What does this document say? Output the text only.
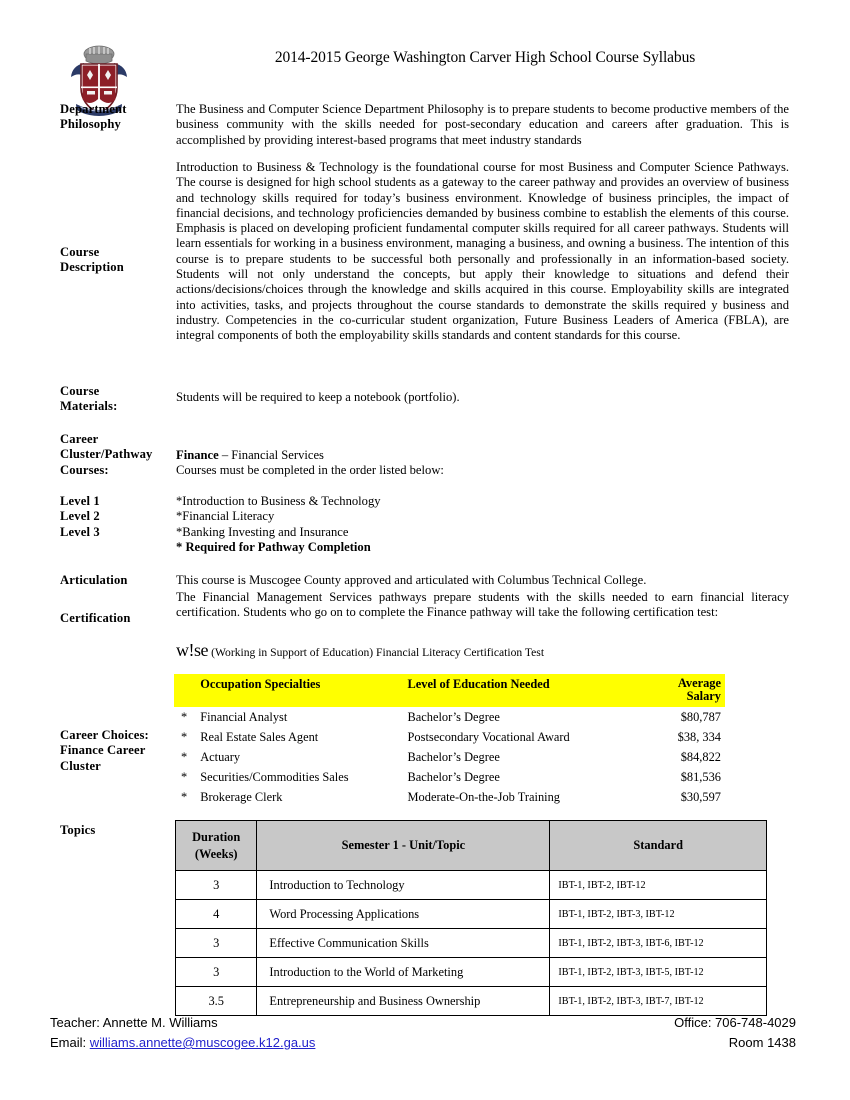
2014-2015 George Washington Carver High School Course Syllabus
Department
Philosophy
The Business and Computer Science Department Philosophy is to prepare students to become productive members of the business community with the skills needed for post-secondary education and careers after graduation. This is accomplished by providing interest-based programs that meet industry standards
Course
Description
Introduction to Business & Technology is the foundational course for most Business and Computer Science Pathways. The course is designed for high school students as a gateway to the career pathway and provides an overview of business and technology skills required for today’s business environment. Knowledge of business principles, the impact of financial decisions, and technology proficiencies demanded by business combine to establish the elements of this course. Emphasis is placed on developing proficient fundamental computer skills required for all career pathways. Students will learn essentials for working in a business environment, managing a business, and owning a business. The intention of this course is to prepare students to be successful both personally and professionally in an information-based society. Students will not only understand the concepts, but apply their knowledge to situations and defend their actions/decisions/choices through the knowledge and skills acquired in this course. Employability skills are integrated into activities, tasks, and projects throughout the course standards to demonstrate the skills required y business and industry. Competencies in the co-curricular student organization, Future Business Leaders of America (FBLA), are integral components of both the employability skills standards and content standards for this course.
Course
Materials:
Students will be required to keep a notebook (portfolio).
Career
Cluster/Pathway
Courses:
Finance – Financial Services
Courses must be completed in the order listed below:
Level 1
Level 2
Level 3
*Introduction to Business & Technology
*Financial Literacy
*Banking Investing and Insurance
* Required for Pathway Completion
Articulation	This course is Muscogee County approved and articulated with Columbus Technical College.
Certification
The Financial Management Services pathways prepare students with the skills needed to earn financial literacy certification. Students who go on to complete the Finance pathway will take the following certification test:
w!se (Working in Support of Education) Financial Literacy Certification Test
Career Choices:
Finance Career
Cluster
	Occupation Specialties	Level of Education Needed	Average
Salary

*	Financial Analyst	Bachelor’s Degree	$80,787
*	Real Estate Sales Agent	Postsecondary Vocational Award	$38, 334
*	Actuary	Bachelor’s Degree	$84,822
*	Securities/Commodities Sales	Bachelor’s Degree	$81,536
*	Brokerage Clerk	Moderate-On-the-Job Training	$30,597
Topics	Duration
(Weeks)	Semester 1 - Unit/Topic	Standard
3	Introduction to Technology	IBT-1, IBT-2, IBT-12
4	Word Processing Applications	IBT-1, IBT-2, IBT-3, IBT-12
3	Effective Communication Skills	IBT-1, IBT-2, IBT-3, IBT-6, IBT-12
3	Introduction to the World of Marketing	IBT-1, IBT-2, IBT-3, IBT-5, IBT-12
3.5	Entrepreneurship and Business Ownership	IBT-1, IBT-2, IBT-3, IBT-7, IBT-12
Teacher: Annette M. Williams	Office: 706-748-4029
Email: williams.annette@muscogee.k12.ga.us	Room 1438
